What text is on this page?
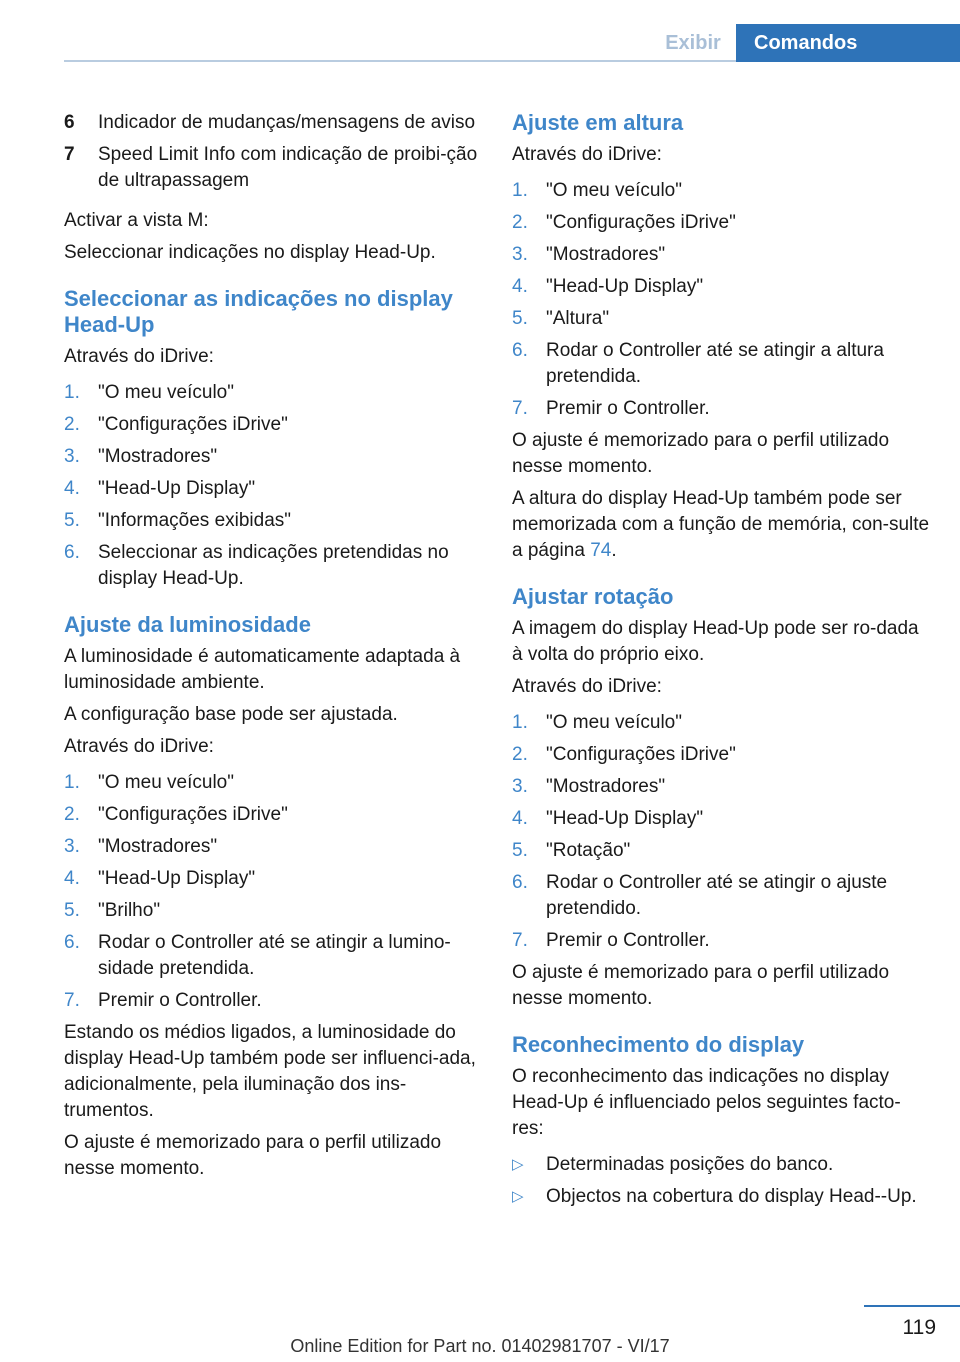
Exibir	Comandos
6 Indicador de mudanças/mensagens de aviso
7 Speed Limit Info com indicação de proibi-ção de ultrapassagem

Activar a vista M:

Seleccionar indicações no display Head-Up.

Seleccionar as indicações no display Head-Up

Através do iDrive:

1. "O meu veículo"
2. "Configurações iDrive"
3. "Mostradores"
4. "Head-Up Display"
5. "Informações exibidas"
6. Seleccionar as indicações pretendidas no display Head-Up.
Ajuste da luminosidade

A luminosidade é automaticamente adaptada à luminosidade ambiente.

A configuração base pode ser ajustada.

Através do iDrive:

1. "O meu veículo"
2. "Configurações iDrive"
3. "Mostradores"
4. "Head-Up Display"
5. "Brilho"
6. Rodar o Controller até se atingir a lumino-sidade pretendida.
7. Premir o Controller.

Estando os médios ligados, a luminosidade do display Head-Up também pode ser influenci-ada, adicionalmente, pela iluminação dos ins-trumentos.

O ajuste é memorizado para o perfil utilizado nesse momento.

Ajuste em altura

Através do iDrive:

1. "O meu veículo"
2. "Configurações iDrive"
3. "Mostradores"
4. "Head-Up Display"
5. "Altura"
6. Rodar o Controller até se atingir a altura pretendida.
7. Premir o Controller.

O ajuste é memorizado para o perfil utilizado nesse momento.

A altura do display Head-Up também pode ser memorizada com a função de memória, con-sulte a página 74.

Ajustar rotação

A imagem do display Head-Up pode ser ro-dada à volta do próprio eixo.

Através do iDrive:

1. "O meu veículo"
2. "Configurações iDrive"
3. "Mostradores"
4. "Head-Up Display"
5. "Rotação"
6. Rodar o Controller até se atingir o ajuste pretendido.
7. Premir o Controller.

O ajuste é memorizado para o perfil utilizado nesse momento.

Reconhecimento do display

O reconhecimento das indicações no display Head-Up é influenciado pelos seguintes facto-res:

▷ Determinadas posições do banco.
▷ Objectos na cobertura do display Head--Up.
119
Online Edition for Part no. 01402981707 - VI/17
